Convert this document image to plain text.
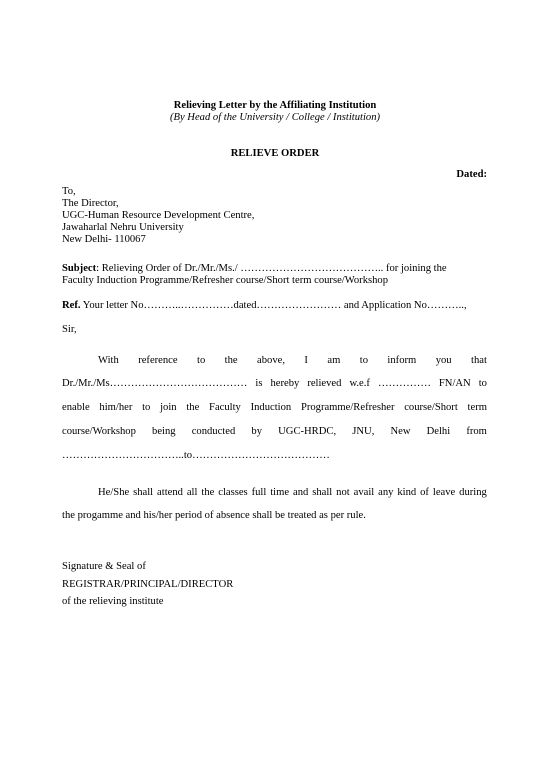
Relieving Letter by the Affiliating Institution
(By Head of the University / College / Institution)
RELIEVE ORDER
Dated:
To,
The Director,
UGC-Human Resource Development Centre,
Jawaharlal Nehru University
New Delhi- 110067
Subject: Relieving Order of Dr./Mr./Ms./ ………………………………….. for joining the
Faculty Induction Programme/Refresher course/Short term course/Workshop
Ref. Your letter No………..……………dated…………………… and Application No………..,
Sir,
With reference to the above, I am to inform you that
Dr./Mr./Ms………………………………… is hereby relieved w.e.f …………… FN/AN to
enable him/her to join the Faculty Induction Programme/Refresher course/Short term
course/Workshop being conducted by UGC-HRDC, JNU, New Delhi from
……………………………..to…………………………………
He/She shall attend all the classes full time and shall not avail any kind of leave during
the progamme and his/her period of absence shall be treated as per rule.
Signature & Seal of
REGISTRAR/PRINCIPAL/DIRECTOR
of the relieving institute
